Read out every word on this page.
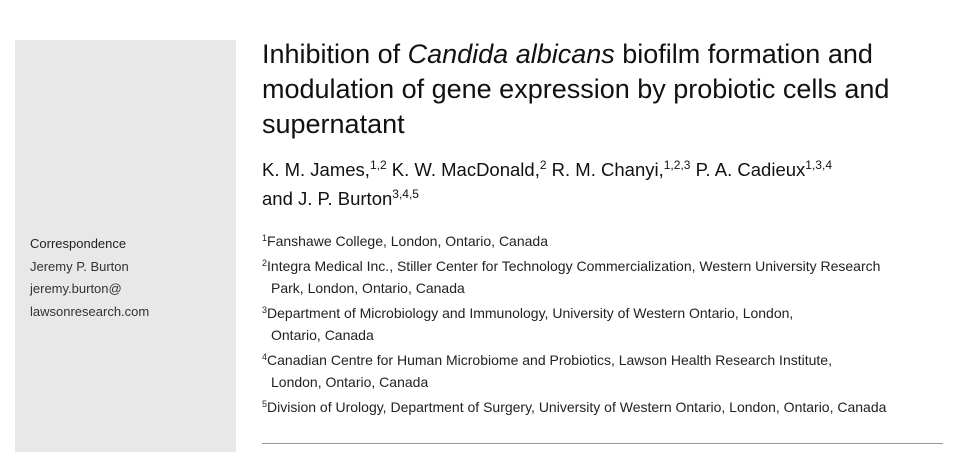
Correspondence
Jeremy P. Burton
jeremy.burton@
lawsonresearch.com
Inhibition of Candida albicans biofilm formation and modulation of gene expression by probiotic cells and supernatant

K. M. James,$^{1,2}$ K. W. MacDonald,$^2$ R. M. Chanyi,$^{1,2,3}$ P. A. Cadieux$^{1,3,4}$
and J. P. Burton$^{3,4,5}$

$^1$Fanshawe College, London, Ontario, Canada
$^2$Integra Medical Inc., Stiller Center for Technology Commercialization, Western University Research
Park, London, Ontario, Canada
$^3$Department of Microbiology and Immunology, University of Western Ontario, London,
Ontario, Canada
$^4$Canadian Centre for Human Microbiome and Probiotics, Lawson Health Research Institute,
London, Ontario, Canada
$^5$Division of Urology, Department of Surgery, University of Western Ontario, London, Ontario, Canada
